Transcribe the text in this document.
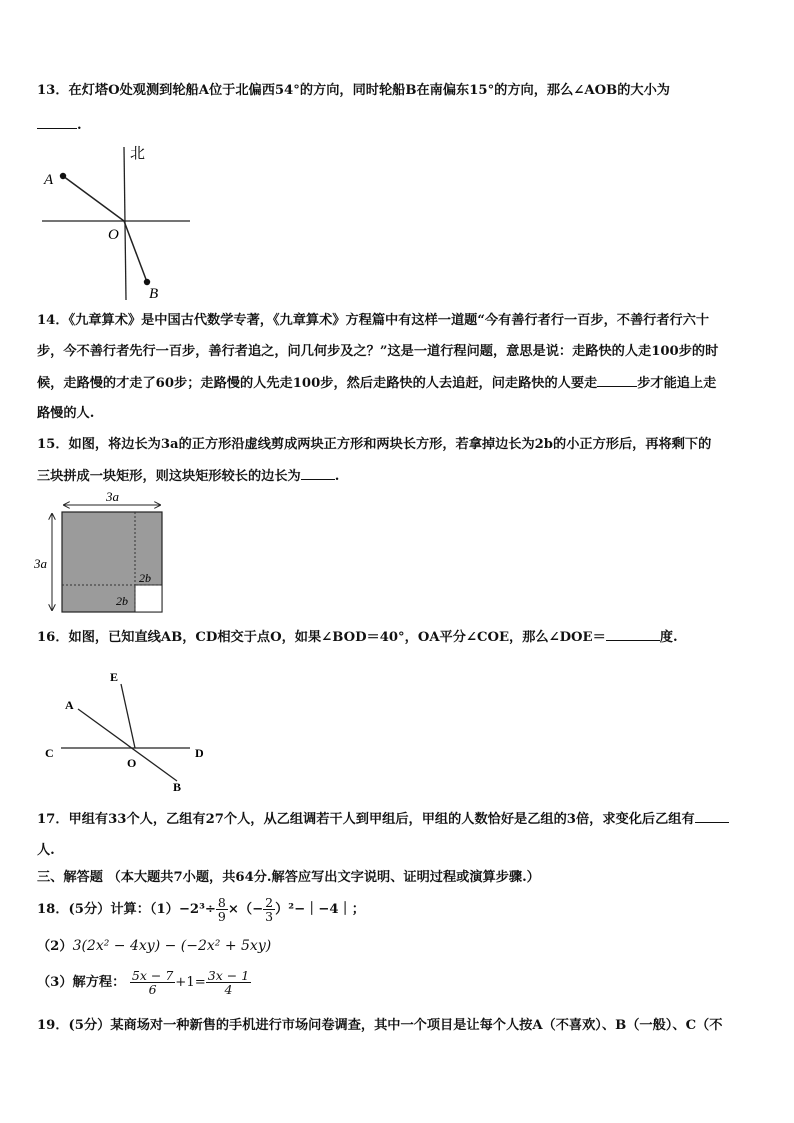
13．在灯塔O处观测到轮船A位于北偏西54°的方向，同时轮船B在南偏东15°的方向，那么∠AOB的大小为
.
北
A
O
B
14．《九章算术》是中国古代数学专著，《九章算术》方程篇中有这样一道题“今有善行者行一百步，不善行者行六十
步，今不善行者先行一百步，善行者追之，问几何步及之？”这是一道行程问题，意思是说：走路快的人走100步的时
候，走路慢的才走了60步；走路慢的人先走100步，然后走路快的人去追赶，问走路快的人要走	步才能追上走
路慢的人.
15．如图，将边长为3a的正方形沿虚线剪成两块正方形和两块长方形，若拿掉边长为2b的小正方形后，再将剩下的
三块拼成一块矩形，则这块矩形较长的边长为	.
3a
3a
2b
2b
16．如图，已知直线AB，CD相交于点O，如果∠BOD＝40°，OA平分∠COE，那么∠DOE＝	度.
E
A
C	D
O
B
17．甲组有33个人，乙组有27个人，从乙组调若干人到甲组后，甲组的人数恰好是乙组的3倍，求变化后乙组有
人.
三、解答题 （本大题共7小题，共64分.解答应写出文字说明、证明过程或演算步骤.）
18．(5分）计算：$(1)-2^3\div \frac{8}{9}$ ×（− $\frac{2}{3}$ ）²−｜−4｜；
（2）3(2x² − 4xy) − (−2x² + 5xy)
（3）解方程： $\frac{5x - 7}{6} +1= \frac{3x - 1}{4}$
19．(5分）某商场对一种新售的手机进行市场问卷调查，其中一个项目是让每个人按A（不喜欢）、B（一般）、C（不
